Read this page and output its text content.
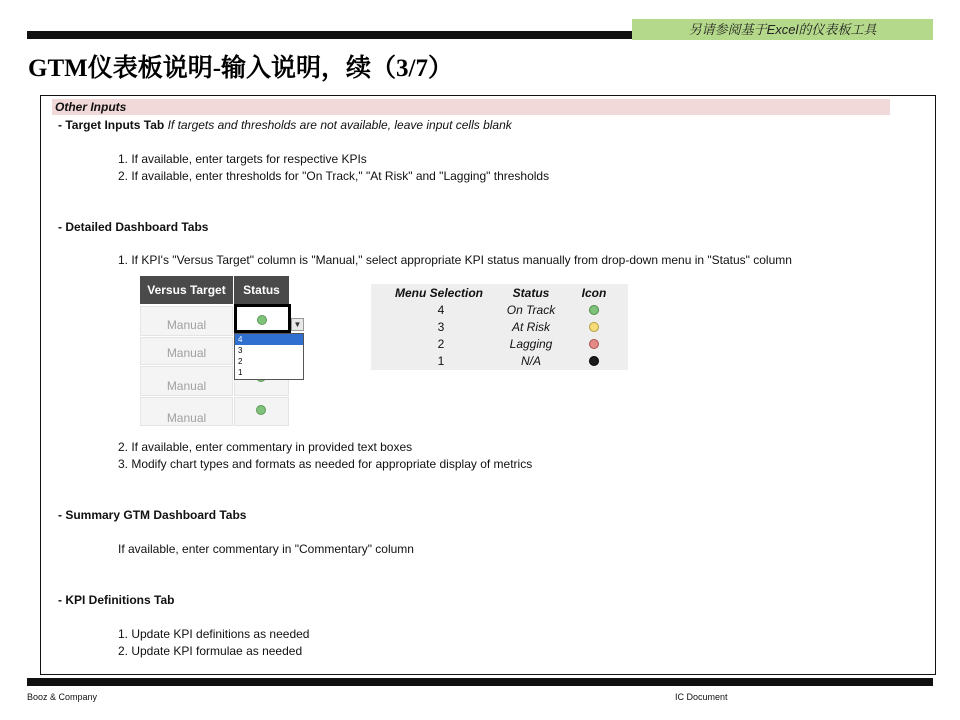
另请参阅基于Excel的仪表板工具
GTM仪表板说明-输入说明，续（3/7）
Other Inputs
- Target Inputs Tab If targets and thresholds are not available, leave input cells blank
1. If available, enter targets for respective KPIs
2. If available, enter thresholds for "On Track," "At Risk" and "Lagging" thresholds
- Detailed Dashboard Tabs
1. If KPI's "Versus Target" column is "Manual," select appropriate KPI status manually from drop-down menu in "Status" column
Versus Target	Status
Manual
Manual
Manual
Manual
▼
4
3
2
1
Menu Selection	Status	Icon
4	On Track
3	At Risk
2	Lagging
1	N/A
2. If available, enter commentary in provided text boxes
3. Modify chart types and formats as needed for appropriate display of metrics
- Summary GTM Dashboard Tabs
If available, enter commentary in "Commentary" column
- KPI Definitions Tab
1. Update KPI definitions as needed
2. Update KPI formulae as needed
Booz & Company	IC Document
